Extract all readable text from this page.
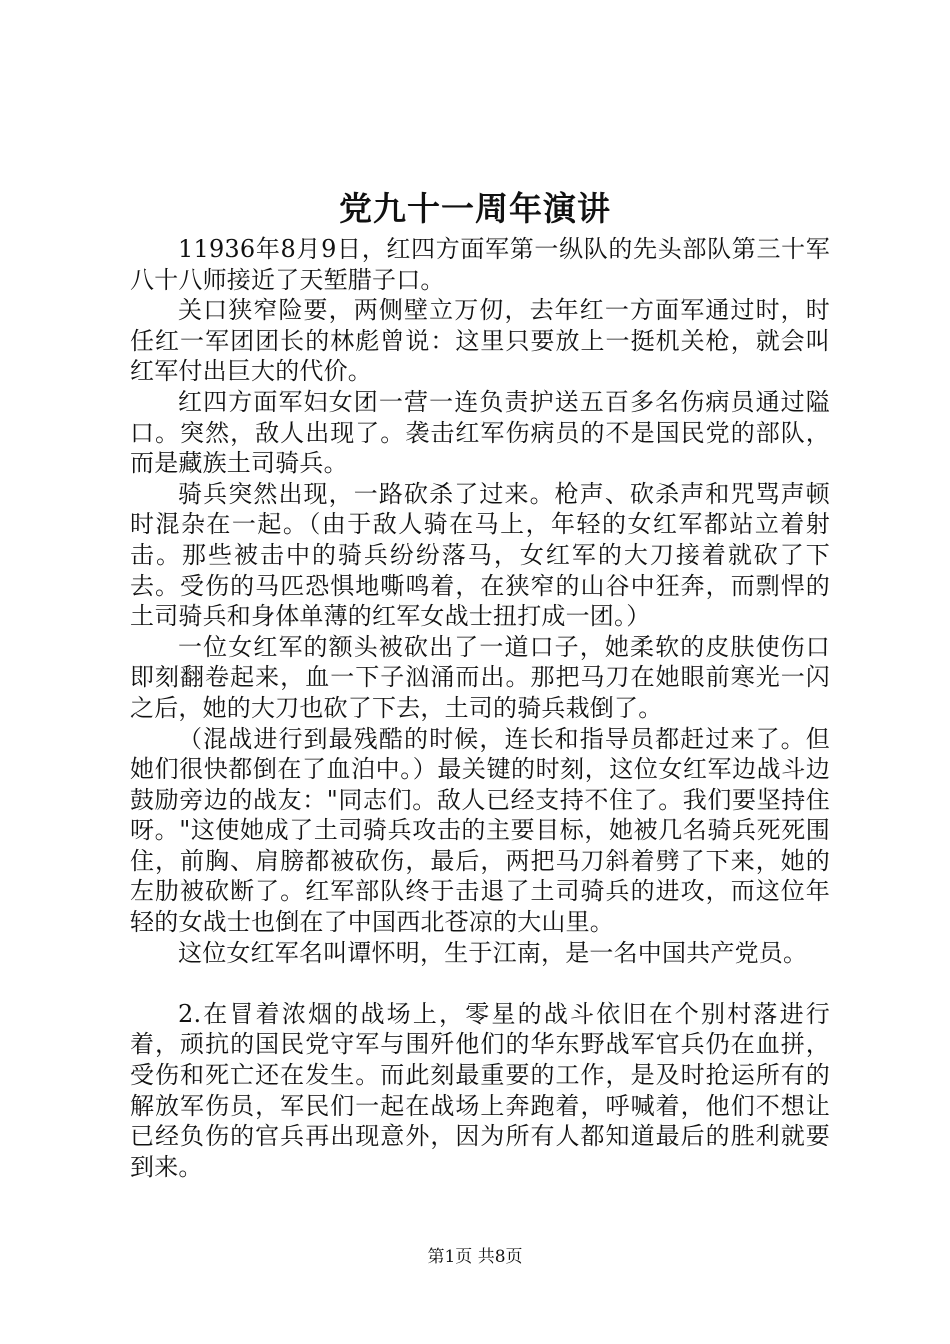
党九十一周年演讲

11936年8月9日，红四方面军第一纵队的先头部队第三十军八十八师接近了天堑腊子口。

关口狭窄险要，两侧壁立万仞，去年红一方面军通过时，时任红一军团团长的林彪曾说：这里只要放上一挺机关枪，就会叫红军付出巨大的代价。

红四方面军妇女团一营一连负责护送五百多名伤病员通过隘口。突然，敌人出现了。袭击红军伤病员的不是国民党的部队，而是藏族土司骑兵。

骑兵突然出现，一路砍杀了过来。枪声、砍杀声和咒骂声顿时混杂在一起。（由于敌人骑在马上，年轻的女红军都站立着射击。那些被击中的骑兵纷纷落马，女红军的大刀接着就砍了下去。受伤的马匹恐惧地嘶鸣着，在狭窄的山谷中狂奔，而剽悍的土司骑兵和身体单薄的红军女战士扭打成一团。）

一位女红军的额头被砍出了一道口子，她柔软的皮肤使伤口即刻翻卷起来，血一下子汹涌而出。那把马刀在她眼前寒光一闪之后，她的大刀也砍了下去，土司的骑兵栽倒了。

（混战进行到最残酷的时候，连长和指导员都赶过来了。但她们很快都倒在了血泊中。）最关键的时刻，这位女红军边战斗边鼓励旁边的战友："同志们。敌人已经支持不住了。我们要坚持住呀。"这使她成了土司骑兵攻击的主要目标，她被几名骑兵死死围住，前胸、肩膀都被砍伤，最后，两把马刀斜着劈了下来，她的左肋被砍断了。红军部队终于击退了土司骑兵的进攻，而这位年轻的女战士也倒在了中国西北苍凉的大山里。

这位女红军名叫谭怀明，生于江南，是一名中国共产党员。

2.在冒着浓烟的战场上，零星的战斗依旧在个别村落进行着，顽抗的国民党守军与围歼他们的华东野战军官兵仍在血拼，受伤和死亡还在发生。而此刻最重要的工作，是及时抢运所有的解放军伤员，军民们一起在战场上奔跑着，呼喊着，他们不想让已经负伤的官兵再出现意外，因为所有人都知道最后的胜利就要到来。

第1页 共8页
